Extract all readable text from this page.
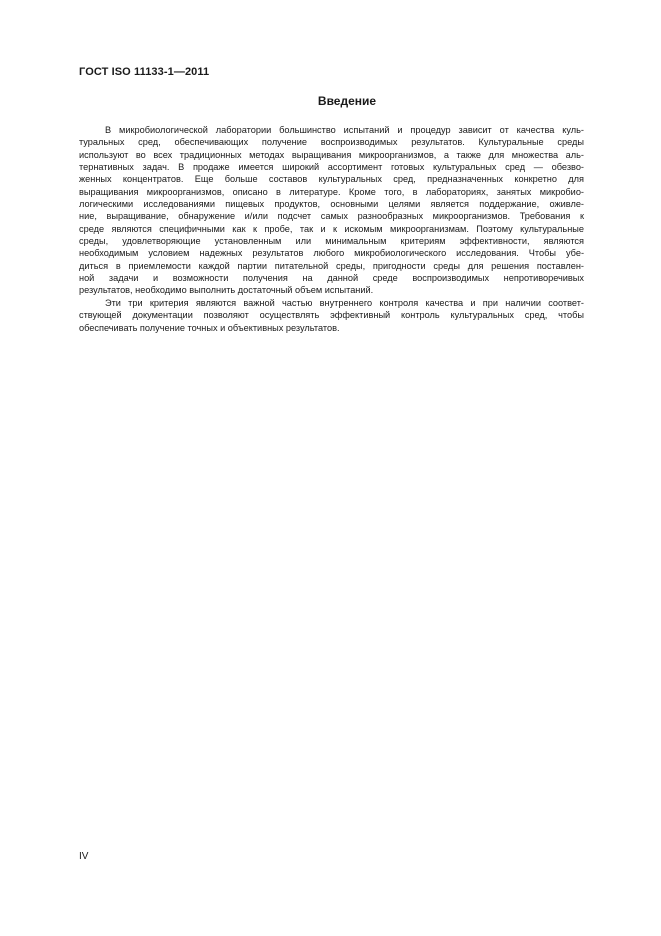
ГОСТ ISO 11133-1—2011
Введение
В микробиологической лаборатории большинство испытаний и процедур зависит от качества куль-
туральных сред, обеспечивающих получение воспроизводимых результатов. Культуральные среды
используют во всех традиционных методах выращивания микроорганизмов, а также для множества аль-
тернативных задач. В продаже имеется широкий ассортимент готовых культуральных сред — обезво-
женных концентратов. Еще больше составов культуральных сред, предназначенных конкретно для
выращивания микроорганизмов, описано в литературе. Кроме того, в лабораториях, занятых микробио-
логическими исследованиями пищевых продуктов, основными целями является поддержание, оживле-
ние, выращивание, обнаружение и/или подсчет самых разнообразных микроорганизмов. Требования к
среде являются специфичными как к пробе, так и к искомым микроорганизмам. Поэтому культуральные
среды, удовлетворяющие установленным или минимальным критериям эффективности, являются
необходимым условием надежных результатов любого микробиологического исследования. Чтобы убе-
диться в приемлемости каждой партии питательной среды, пригодности среды для решения поставлен-
ной задачи и возможности получения на данной среде воспроизводимых непротиворечивых
результатов, необходимо выполнить достаточный объем испытаний.
Эти три критерия являются важной частью внутреннего контроля качества и при наличии соответ-
ствующей документации позволяют осуществлять эффективный контроль культуральных сред, чтобы
обеспечивать получение точных и объективных результатов.
IV
